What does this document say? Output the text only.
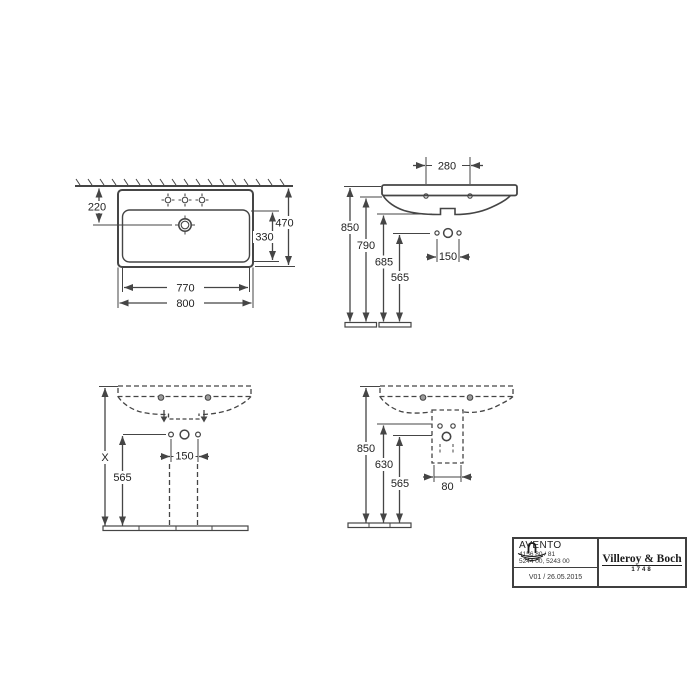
220
470
330
770
800
280
850
790
685
565
150
X
565
150
850
630
565	80
AVENTO
4156 80 / 81
5244 00, 5243 00
V01 / 26.05.2015
Villeroy & Boch
1748
